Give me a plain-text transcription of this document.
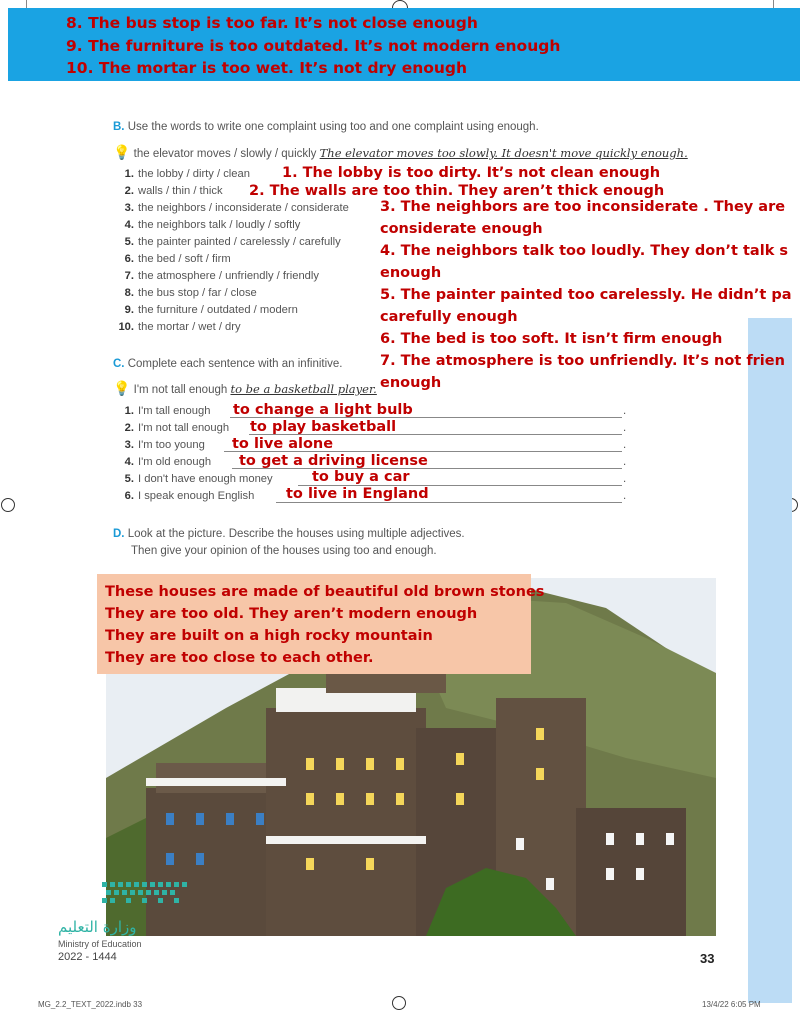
8. The bus stop is too far. It’s not close enough
9. The furniture is too outdated. It’s not modern enough
10. The mortar is too wet. It’s not dry enough
B. Use the words to write one complaint using too and one complaint using enough.
💡 the elevator moves / slowly / quickly The elevator moves too slowly. It doesn't move quickly enough.
1. the lobby / dirty / clean
2. walls / thin / thick
3. the neighbors / inconsiderate / considerate
4. the neighbors talk / loudly / softly
5. the painter painted / carelessly / carefully
6. the bed / soft / firm
7. the atmosphere / unfriendly / friendly
8. the bus stop / far / close
9. the furniture / outdated / modern
10. the mortar / wet / dry
1. The lobby is too dirty. It’s not clean enough
2. The walls are too thin. They aren’t thick enough
3. The neighbors are too inconsiderate . They are
considerate enough
4. The neighbors talk too loudly. They don’t talk s
enough
5. The painter painted too carelessly. He didn’t pa
carefully enough
6. The bed is too soft. It isn’t firm enough
7. The atmosphere is too unfriendly. It’s not frien
enough
C. Complete each sentence with an infinitive.
💡 I'm not tall enough to be a basketball player.
1. I'm tall enough
2. I'm not tall enough
3. I'm too young
4. I'm old enough
5. I don't have enough money
6. I speak enough English
.
.
.
.
.
.
to change a light bulb
to play basketball
to live alone
to get a driving license
to buy a car
to live in England
D. Look at the picture. Describe the houses using multiple adjectives.
Then give your opinion of the houses using too and enough.
These houses are made of beautiful old brown stones
They are too old. They aren’t modern enough
They are built on a high rocky mountain
They are too close to each other.
وزارة التعليم
Ministry of Education
2022 - 1444	33
MG_2.2_TEXT_2022.indb 33	13/4/22 6:05 PM
